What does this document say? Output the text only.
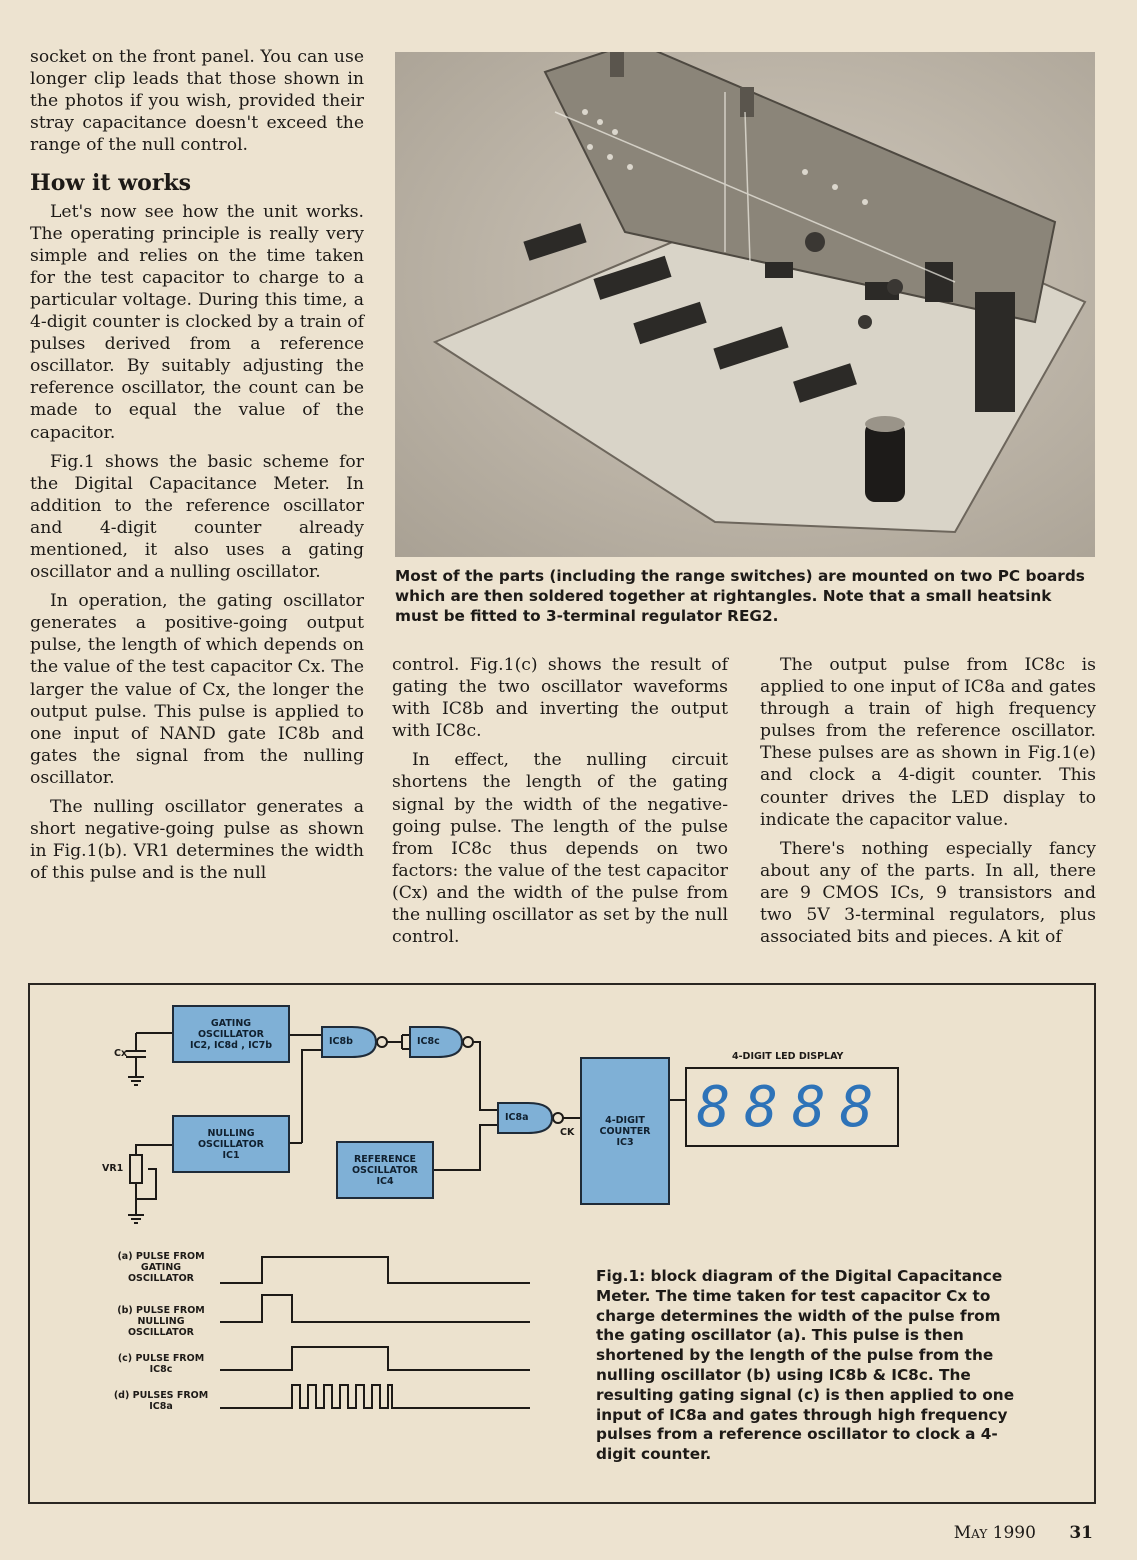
socket on the front panel. You can use longer clip leads that those shown in the photos if you wish, provided their stray capacitance doesn't exceed the range of the null control.

How it works

Let's now see how the unit works. The operating principle is really very simple and relies on the time taken for the test capacitor to charge to a particular voltage. During this time, a 4-digit counter is clocked by a train of pulses derived from a reference oscillator. By suitably adjusting the reference oscillator, the count can be made to equal the value of the capacitor.

Fig.1 shows the basic scheme for the Digital Capacitance Meter. In addition to the reference oscillator and 4-digit counter already mentioned, it also uses a gating oscillator and a nulling oscillator.

In operation, the gating oscillator generates a positive-going output pulse, the length of which depends on the value of the test capacitor Cx. The larger the value of Cx, the longer the output pulse. This pulse is applied to one input of NAND gate IC8b and gates the signal from the nulling oscillator.

The nulling oscillator generates a short negative-going pulse as shown in Fig.1(b). VR1 determines the width of this pulse and is the null

Most of the parts (including the range switches) are mounted on two PC boards which are then soldered together at rightangles. Note that a small heatsink must be fitted to 3-terminal regulator REG2.

control. Fig.1(c) shows the result of gating the two oscillator waveforms with IC8b and inverting the output with IC8c.

In effect, the nulling circuit shortens the length of the gating signal by the width of the negative-going pulse. The length of the pulse from IC8c thus depends on two factors: the value of the test capacitor (Cx) and the width of the pulse from the nulling oscillator as set by the null control.

The output pulse from IC8c is applied to one input of IC8a and gates through a train of high frequency pulses from the reference oscillator. These pulses are as shown in Fig.1(e) and clock a 4-digit counter. This counter drives the LED display to indicate the capacitor value.

There's nothing especially fancy about any of the parts. In all, there are 9 CMOS ICs, 9 transistors and two 5V 3-terminal regulators, plus associated bits and pieces. A kit of

GATING
OSCILLATOR
IC2, IC8d , IC7b
NULLING
OSCILLATOR
IC1	REFERENCE
OSCILLATOR
IC4
4-DIGIT
COUNTER
IC3
IC8b	IC8c
IC8a
CK
Cx
VR1
4-DIGIT LED DISPLAY
8888
(a) PULSE FROM
GATING
OSCILLATOR
(b) PULSE FROM
NULLING
OSCILLATOR
(c) PULSE FROM
IC8c
(d) PULSES FROM
IC8a
Fig.1: block diagram of the Digital Capacitance Meter. The time taken for test capacitor Cx to charge determines the width of the pulse from the gating oscillator (a). This pulse is then shortened by the length of the pulse from the nulling oscillator (b) using IC8b & IC8c. The resulting gating signal (c) is then applied to one input of IC8a and gates through high frequency pulses from a reference oscillator to clock a 4-digit counter.
May 1990 31
